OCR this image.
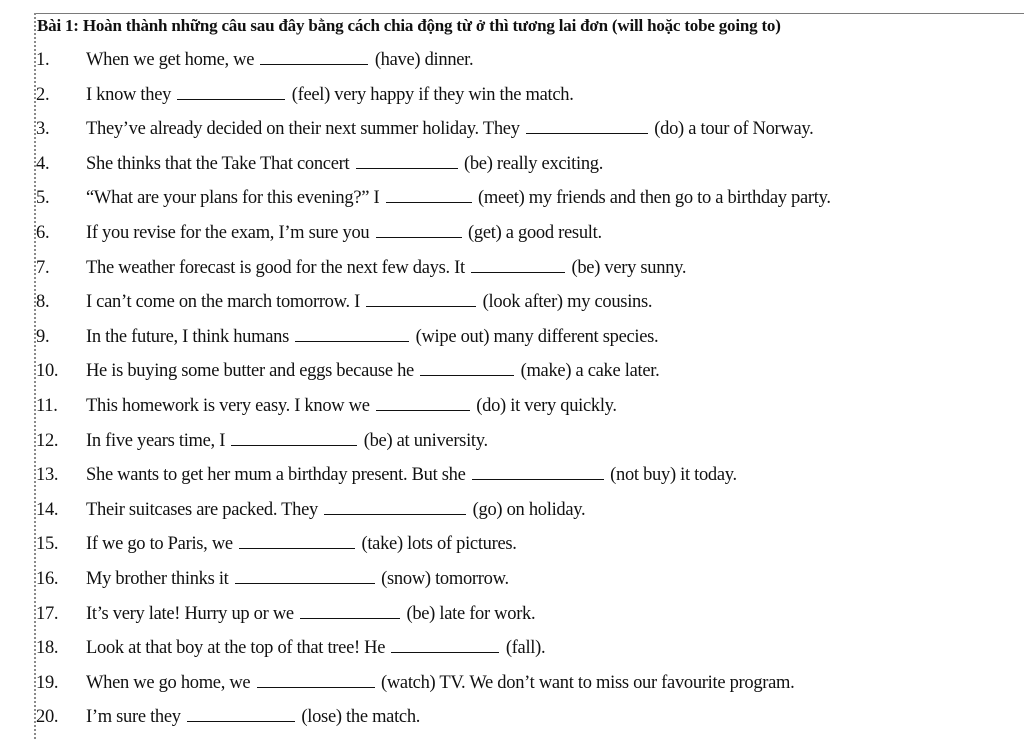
Bài 1: Hoàn thành những câu sau đây bằng cách chia động từ ở thì tương lai đơn (will hoặc tobe going to)
1. When we get home, we	(have) dinner.
2. I know they	(feel) very happy if they win the match.
3. They’ve already decided on their next summer holiday. They	(do) a tour of Norway.
4. She thinks that the Take That concert	(be) really exciting.
5. “What are your plans for this evening?” I	(meet) my friends and then go to a birthday party.
6. If you revise for the exam, I’m sure you	(get) a good result.
7. The weather forecast is good for the next few days. It	(be) very sunny.
8. I can’t come on the march tomorrow. I	(look after) my cousins.
9. In the future, I think humans	(wipe out) many different species.
10. He is buying some butter and eggs because he	(make) a cake later.
11. This homework is very easy. I know we	(do) it very quickly.
12. In five years time, I	(be) at university.
13. She wants to get her mum a birthday present. But she	(not buy) it today.
14. Their suitcases are packed. They	(go) on holiday.
15. If we go to Paris, we	(take) lots of pictures.
16. My brother thinks it	(snow) tomorrow.
17. It’s very late! Hurry up or we	(be) late for work.
18. Look at that boy at the top of that tree! He	(fall).
19. When we go home, we	(watch) TV. We don’t want to miss our favourite program.
20. I’m sure they	(lose) the match.
